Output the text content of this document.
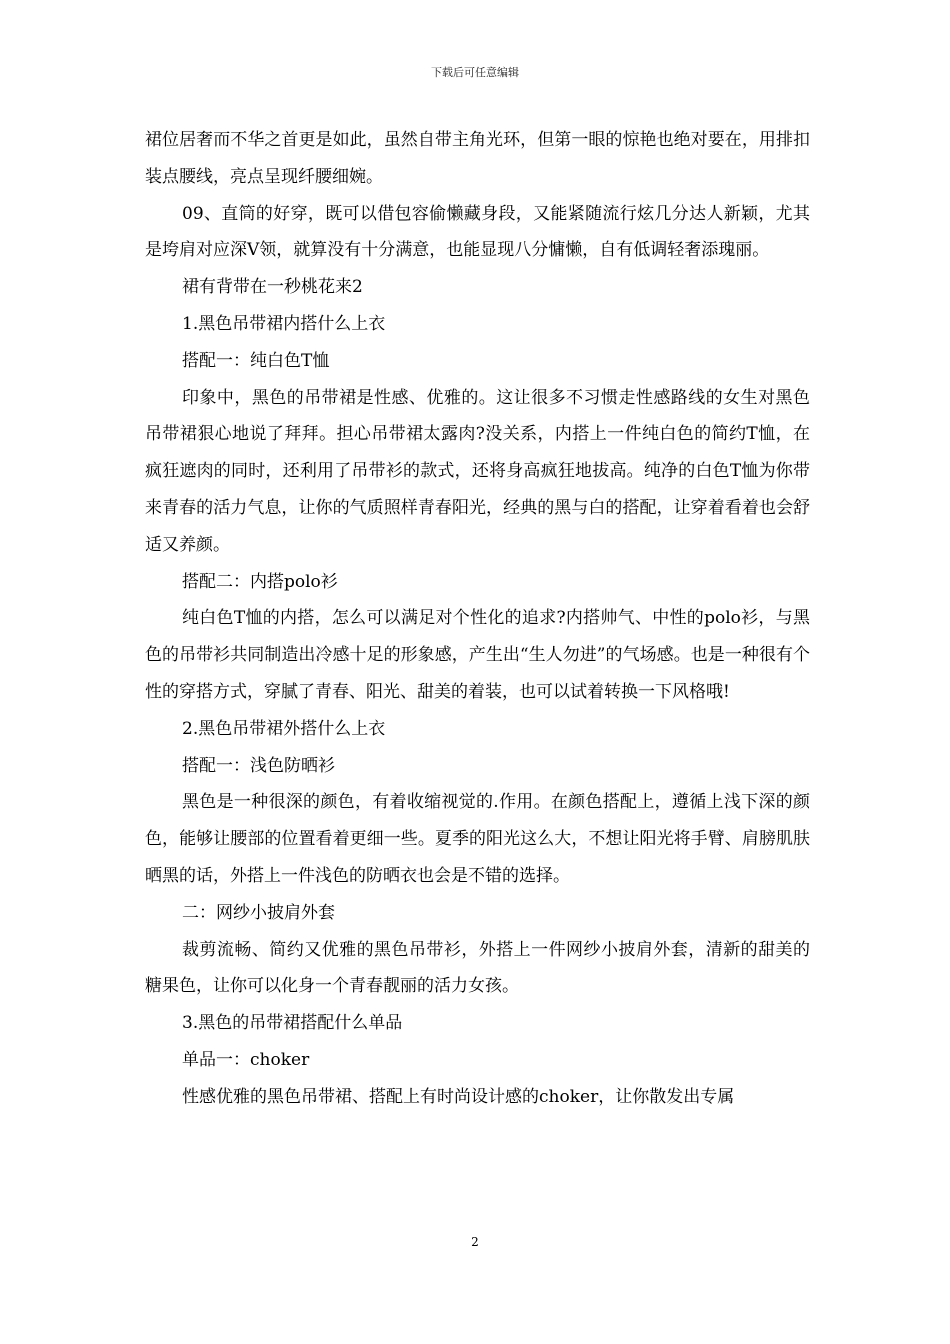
下载后可任意编辑

裙位居奢而不华之首更是如此，虽然自带主角光环，但第一眼的惊艳也绝对要在，用排扣装点腰线，亮点呈现纤腰细婉。

09、直筒的好穿，既可以借包容偷懒藏身段，又能紧随流行炫几分达人新颖，尤其是垮肩对应深V领，就算没有十分满意，也能显现八分慵懒，自有低调轻奢添瑰丽。

裙有背带在一秒桃花来2

1.黑色吊带裙内搭什么上衣

搭配一：纯白色T恤

印象中，黑色的吊带裙是性感、优雅的。这让很多不习惯走性感路线的女生对黑色吊带裙狠心地说了拜拜。担心吊带裙太露肉?没关系，内搭上一件纯白色的简约T恤，在疯狂遮肉的同时，还利用了吊带衫的款式，还将身高疯狂地拔高。纯净的白色T恤为你带来青春的活力气息，让你的气质照样青春阳光，经典的黑与白的搭配，让穿着看着也会舒适又养颜。

搭配二：内搭polo衫

纯白色T恤的内搭，怎么可以满足对个性化的追求?内搭帅气、中性的polo衫，与黑色的吊带衫共同制造出冷感十足的形象感，产生出“生人勿进”的气场感。也是一种很有个性的穿搭方式，穿腻了青春、阳光、甜美的着装，也可以试着转换一下风格哦!

2.黑色吊带裙外搭什么上衣

搭配一：浅色防晒衫

黑色是一种很深的颜色，有着收缩视觉的.作用。在颜色搭配上，遵循上浅下深的颜色，能够让腰部的位置看着更细一些。夏季的阳光这么大，不想让阳光将手臂、肩膀肌肤晒黑的话，外搭上一件浅色的防晒衣也会是不错的选择。

二：网纱小披肩外套

裁剪流畅、简约又优雅的黑色吊带衫，外搭上一件网纱小披肩外套，清新的甜美的糖果色，让你可以化身一个青春靓丽的活力女孩。

3.黑色的吊带裙搭配什么单品

单品一：choker

性感优雅的黑色吊带裙、搭配上有时尚设计感的choker，让你散发出专属

2
